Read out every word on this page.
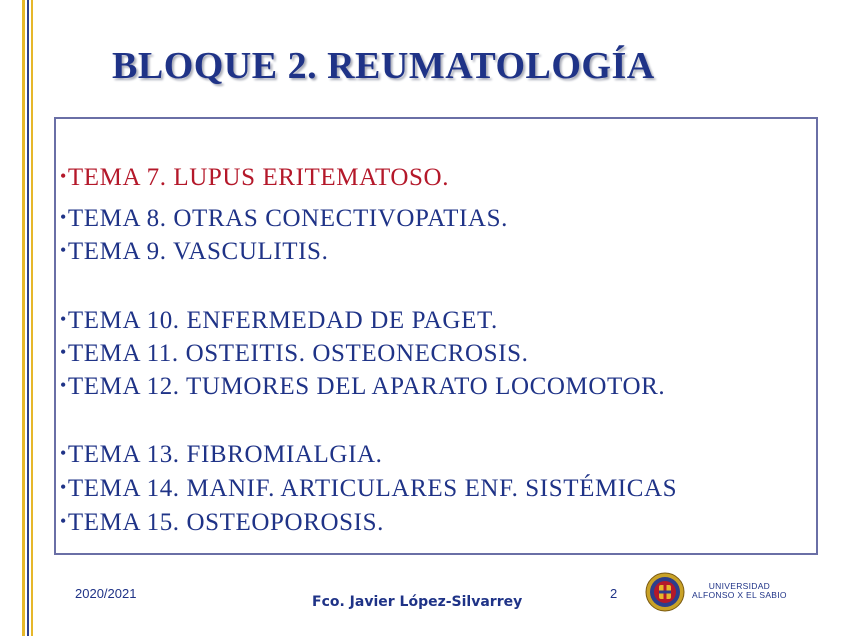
BLOQUE 2. REUMATOLOGÍA
•TEMA 7. LUPUS ERITEMATOSO.
•TEMA 8. OTRAS CONECTIVOPATIAS.
•TEMA 9. VASCULITIS.
•TEMA 10. ENFERMEDAD DE PAGET.
•TEMA 11. OSTEITIS. OSTEONECROSIS.
•TEMA 12. TUMORES DEL APARATO LOCOMOTOR.
•TEMA 13. FIBROMIALGIA.
•TEMA 14. MANIF. ARTICULARES ENF. SISTÉMICAS
•TEMA 15. OSTEOPOROSIS.
2020/2021
Fco. Javier López-Silvarrey
2	UNIVERSIDAD
ALFONSO X EL SABIO
